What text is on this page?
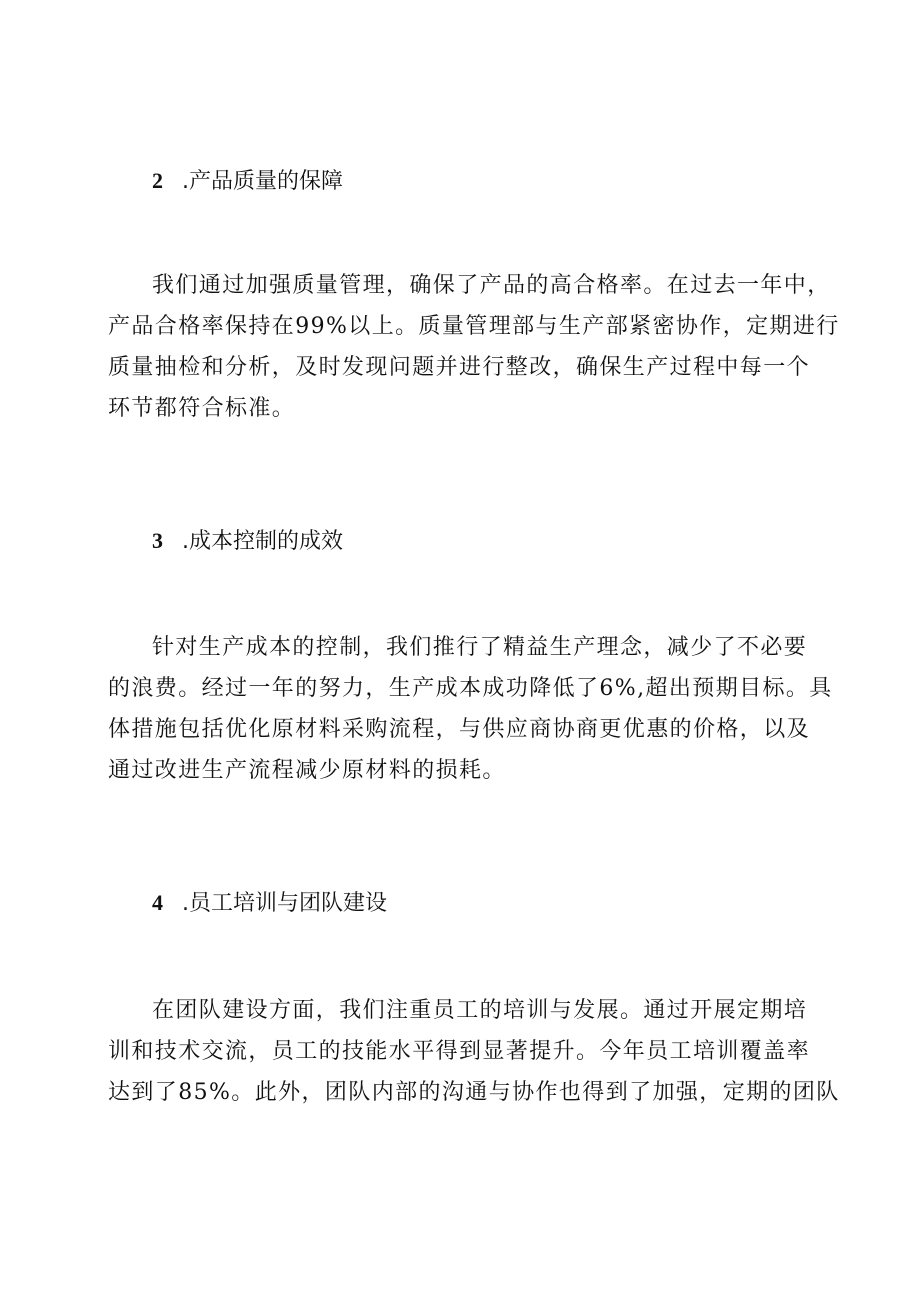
2 .产品质量的保障
我们通过加强质量管理，确保了产品的高合格率。在过去一年中，
产品合格率保持在99%以上。质量管理部与生产部紧密协作，定期进行
质量抽检和分析，及时发现问题并进行整改，确保生产过程中每一个
环节都符合标准。
3 .成本控制的成效
针对生产成本的控制，我们推行了精益生产理念，减少了不必要
的浪费。经过一年的努力，生产成本成功降低了6%,超出预期目标。具
体措施包括优化原材料采购流程，与供应商协商更优惠的价格，以及
通过改进生产流程减少原材料的损耗。
4 .员工培训与团队建设
在团队建设方面，我们注重员工的培训与发展。通过开展定期培
训和技术交流，员工的技能水平得到显著提升。今年员工培训覆盖率
达到了85%。此外，团队内部的沟通与协作也得到了加强，定期的团队
